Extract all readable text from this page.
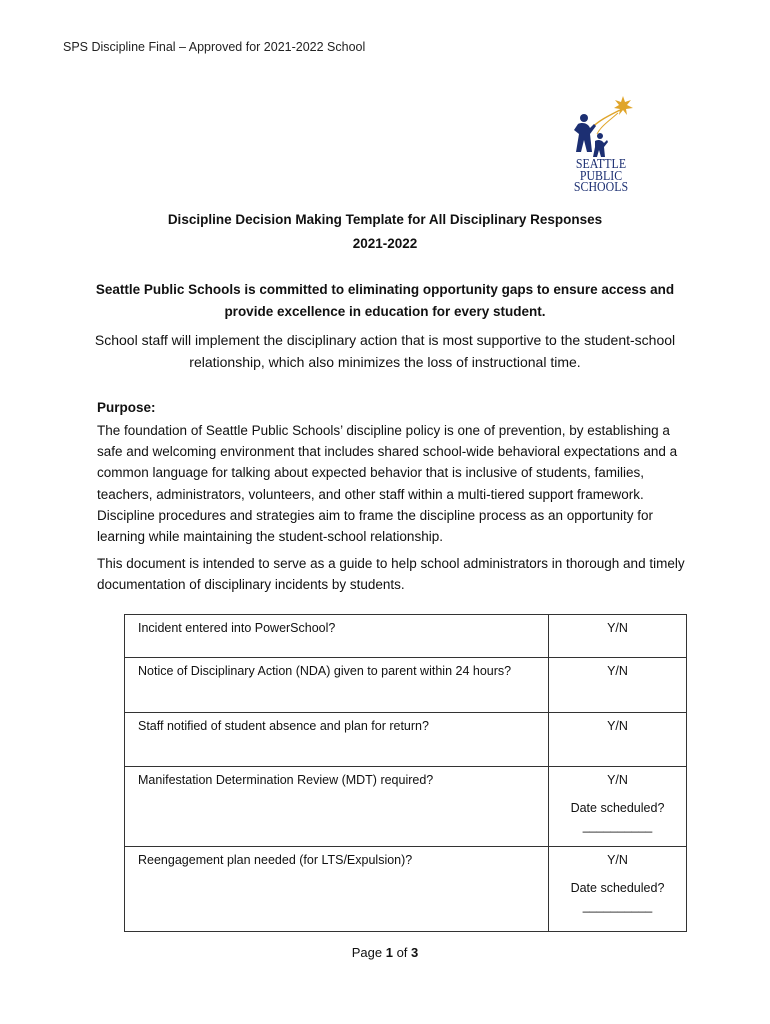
SPS Discipline Final – Approved for 2021-2022 School
SEATTLE
PUBLIC
SCHOOLS
Discipline Decision Making Template for All Disciplinary Responses
2021-2022
Seattle Public Schools is committed to eliminating opportunity gaps to ensure access and provide excellence in education for every student.
School staff will implement the disciplinary action that is most supportive to the student-school relationship, which also minimizes the loss of instructional time.
Purpose:
The foundation of Seattle Public Schools’ discipline policy is one of prevention, by establishing a safe and welcoming environment that includes shared school-wide behavioral expectations and a common language for talking about expected behavior that is inclusive of students, families, teachers, administrators, volunteers, and other staff within a multi-tiered support framework. Discipline procedures and strategies aim to frame the discipline process as an opportunity for learning while maintaining the student-school relationship.
This document is intended to serve as a guide to help school administrators in thorough and timely documentation of disciplinary incidents by students.
Incident entered into PowerSchool?	Y/N

Notice of Disciplinary Action (NDA) given to parent within 24 hours?	Y/N

Staff notified of student absence and plan for return?	Y/N

Manifestation Determination Review (MDT) required?	Y/N
Date scheduled?
__________

Reengagement plan needed (for LTS/Expulsion)?	Y/N
Date scheduled?
__________
Page 1 of 3
